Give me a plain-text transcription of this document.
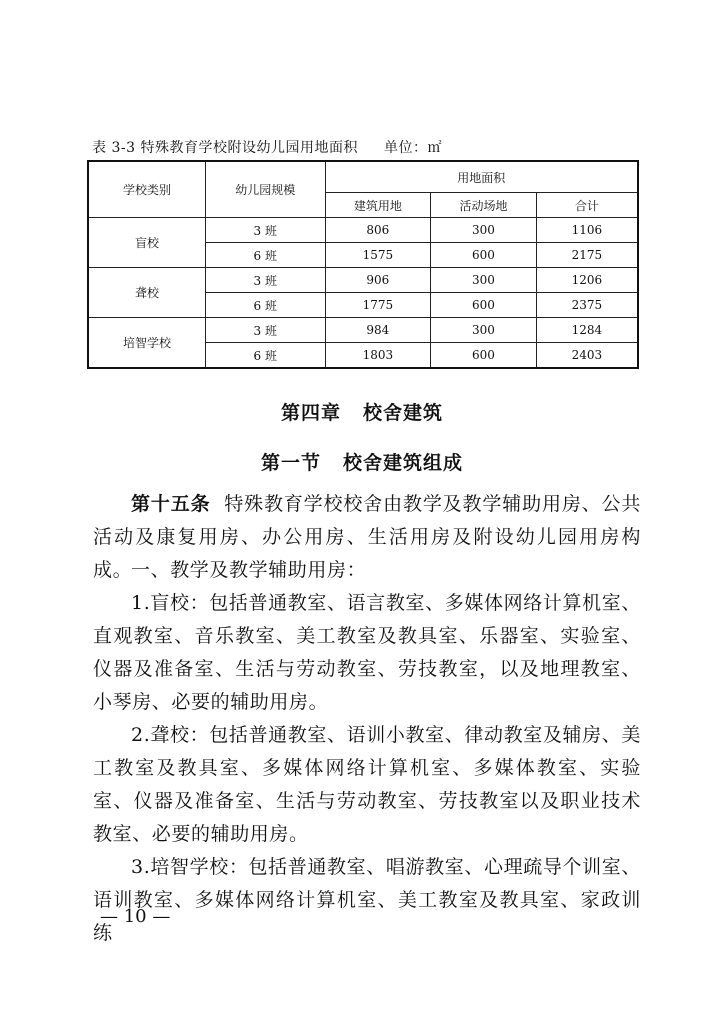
表 3-3 特殊教育学校附设幼儿园用地面积 单位：㎡
学校类别	幼儿园规模	用地面积		
		建筑用地	活动场地	合计
盲校	3 班	806	300	1106
	6 班	1575	600	2175
聋校	3 班	906	300	1206
	6 班	1775	600	2375
培智学校	3 班	984	300	1284
	6 班	1803	600	2403
第四章 校舍建筑
第一节 校舍建筑组成
第十五条 特殊教育学校校舍由教学及教学辅助用房、公共活动及康复用房、办公用房、生活用房及附设幼儿园用房构成。
一、教学及教学辅助用房：
1.盲校：包括普通教室、语言教室、多媒体网络计算机室、直观教室、音乐教室、美工教室及教具室、乐器室、实验室、仪器及准备室、生活与劳动教室、劳技教室，以及地理教室、小琴房、必要的辅助用房。
2.聋校：包括普通教室、语训小教室、律动教室及辅房、美工教室及教具室、多媒体网络计算机室、多媒体教室、实验室、仪器及准备室、生活与劳动教室、劳技教室以及职业技术教室、必要的辅助用房。
3.培智学校：包括普通教室、唱游教室、心理疏导个训室、语训教室、多媒体网络计算机室、美工教室及教具室、家政训练
— 10 —
